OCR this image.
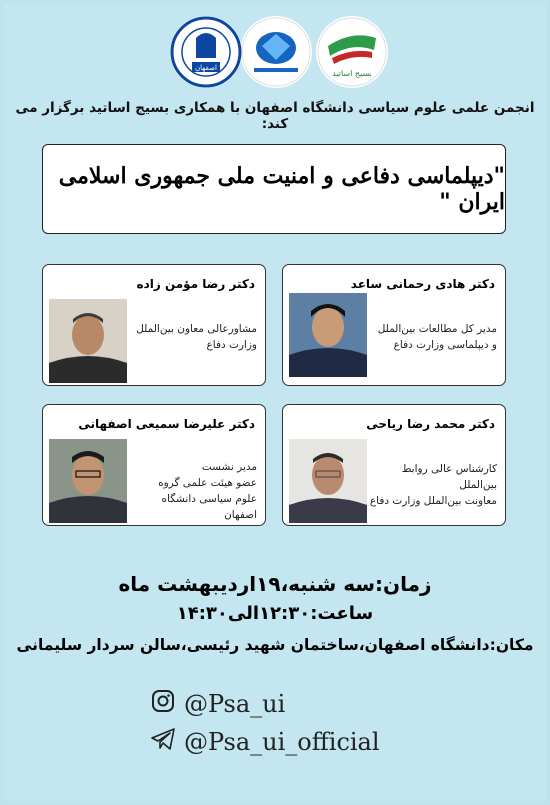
بسیج اساتید
اصفهان
انجمن علمی علوم سیاسی دانشگاه اصفهان با همکاری بسیج اساتید برگزار می کند:
"دیپلماسی دفاعی و امنیت ملی جمهوری اسلامی ایران "
دکتر هادی رحمانی ساعد
مدیر کل مطالعات بین‌الملل
و دیپلماسی وزارت دفاع
دکتر رضا مؤمن زاده
مشاورعالی معاون بین‌الملل
وزارت دفاع
دکتر محمد رضا ریاحی
کارشناس عالی روابط بین‌الملل
معاونت بین‌الملل وزارت دفاع
دکتر علیرضا سمیعی اصفهانی
مدیر نشست
عضو هیئت علمی گروه
علوم سیاسی دانشگاه اصفهان
زمان:سه شنبه،۱۹اردیبهشت ماه
ساعت:۱۲:۳۰الی۱۴:۳۰
مکان:دانشگاه اصفهان،ساختمان شهید رئیسی،سالن سردار سلیمانی
@Psa_ui
@Psa_ui_official
